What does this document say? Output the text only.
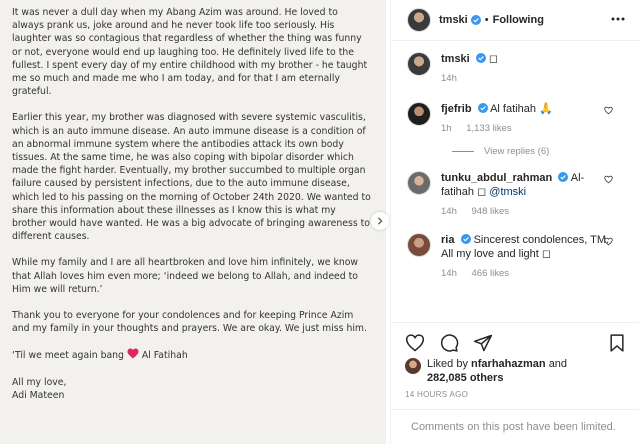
It was never a dull day when my Abang Azim was around. He loved to always prank us, joke around and he never took life too seriously. His laughter was so contagious that regardless of whether the thing was funny or not, everyone would end up laughing too. He definitely lived life to the fullest. I spent every day of my entire childhood with my brother - he taught me so much and made me who I am today, and for that I am eternally grateful.

Earlier this year, my brother was diagnosed with severe systemic vasculitis, which is an auto immune disease. An auto immune disease is a condition of an abnormal immune system where the antibodies attack its own body tissues. At the same time, he was also coping with bipolar disorder which made the fight harder. Eventually, my brother succumbed to multiple organ failure caused by persistent infections, due to the auto immune disease, which led to his passing on the morning of October 24th 2020. We wanted to share this information about these illnesses as I know this is what my brother would have wanted. He was a big advocate of bringing awareness to different causes.

While my family and I are all heartbroken and love him infinitely, we know that Allah loves him even more; ‘indeed we belong to Allah, and indeed to Him we will return.’

Thank you to everyone for your condolences and for keeping Prince Azim and my family in your thoughts and prayers. We are okay. We just miss him.

‘Til we meet again bang Al Fatihah

All my love,

Adi Mateen

tmski • Following
tmski ◻
14h
fjefrib Al fatihah 🙏
1h 1,133 likes
View replies (6)
tunku_abdul_rahman Al-fatihah ◻ @tmski
14h 948 likes
ria Sincerest condolences, TM. All my love and light ◻
14h 466 likes
Liked by nfarhahazman and
282,085 others
14 HOURS AGO
Comments on this post have been limited.
